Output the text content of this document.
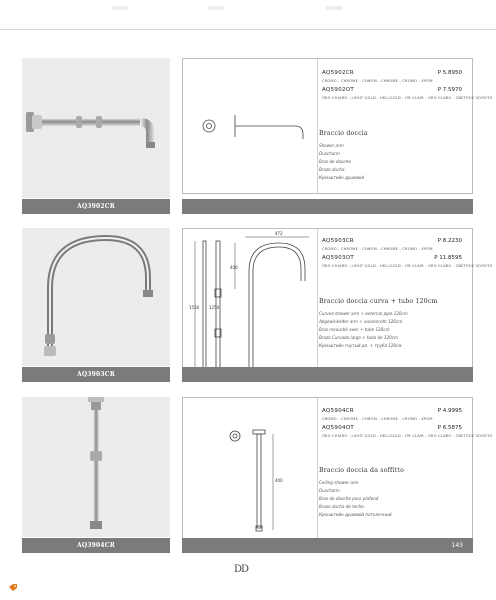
AQ3902CR
AQ5902CR	P 5.8950
CROMO - CHROME - CHROM - CHROME - CROMO - ХРОМ
AQ5902OT	P 7.5970
ORO CHIARO - LIGHT GOLD - HELLGOLD - OR CLAIR - ORO CLARO - СВЕТЛОЕ ЗОЛОТО
Braccio doccia
Shower arm
Duscharm
Bras de douche
Brazo ducha
Кронштейн душевой
AQ3903CR
472
400
1550 1250
AQ5903CR	P 8.2230
CROMO - CHROME - CHROM - CHROME - CROMO - ХРОМ
AQ5903OT	P 11.8595
ORO CHIARO - LIGHT GOLD - HELLGOLD - OR CLAIR - ORO CLARO - СВЕТЛОЕ ЗОЛОТО
Braccio doccia curva + tubo 120cm
Curved shower arm + external pipe 120cm
Abgewinkelter arm + aussenrohr 120cm
Bras recourbé avec + tube 120cm
Brazo Curvado largo + tubo de 120cm
Кронштейн гнутый дл. + труба 120см
AQ3904CR
400
143
AQ5904CR	P 4.9995
CROMO - CHROME - CHROM - CHROME - CROMO - ХРОМ
AQ5904OT	P 6.5875
ORO CHIARO - LIGHT GOLD - HELLGOLD - OR CLAIR - ORO CLARO - СВЕТЛОЕ ЗОЛОТО
Braccio doccia da soffitto
Ceiling shower arm
Duscharm
Bras de douche pour plafond
Brazo ducha de techo
Кронштейн душевой потолочный
DD
